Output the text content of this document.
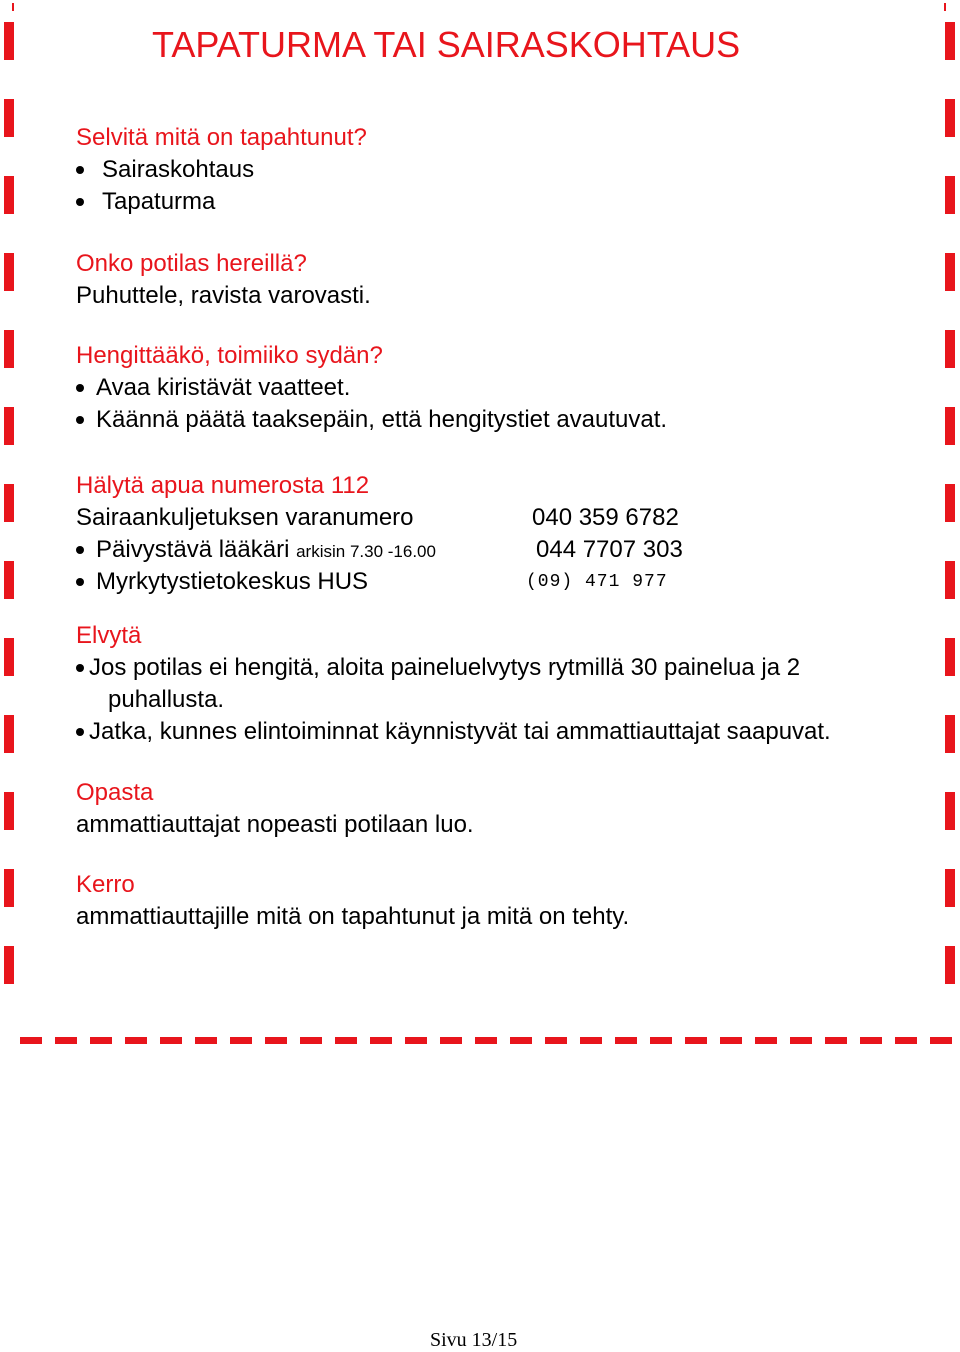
TAPATURMA TAI SAIRASKOHTAUS
Selvitä mitä on tapahtunut?
Sairaskohtaus
Tapaturma
Onko potilas hereillä?
Puhuttele, ravista varovasti.
Hengittääkö, toimiiko sydän?
Avaa kiristävät vaatteet.
Käännä päätä taaksepäin, että hengitystiet avautuvat.
Hälytä apua numerosta 112
Sairaankuljetuksen varanumero	040 359 6782
Päivystävä lääkäri arkisin 7.30 -16.00	044 7707 303
Myrkytystietokeskus HUS	(09) 471 977
Elvytä
Jos potilas ei hengitä, aloita paineluelvytys rytmillä 30 painelua ja 2
puhallusta.
Jatka, kunnes elintoiminnat käynnistyvät tai ammattiauttajat saapuvat.
Opasta
ammattiauttajat nopeasti potilaan luo.
Kerro
ammattiauttajille mitä on tapahtunut ja mitä on tehty.
Sivu 13/15
